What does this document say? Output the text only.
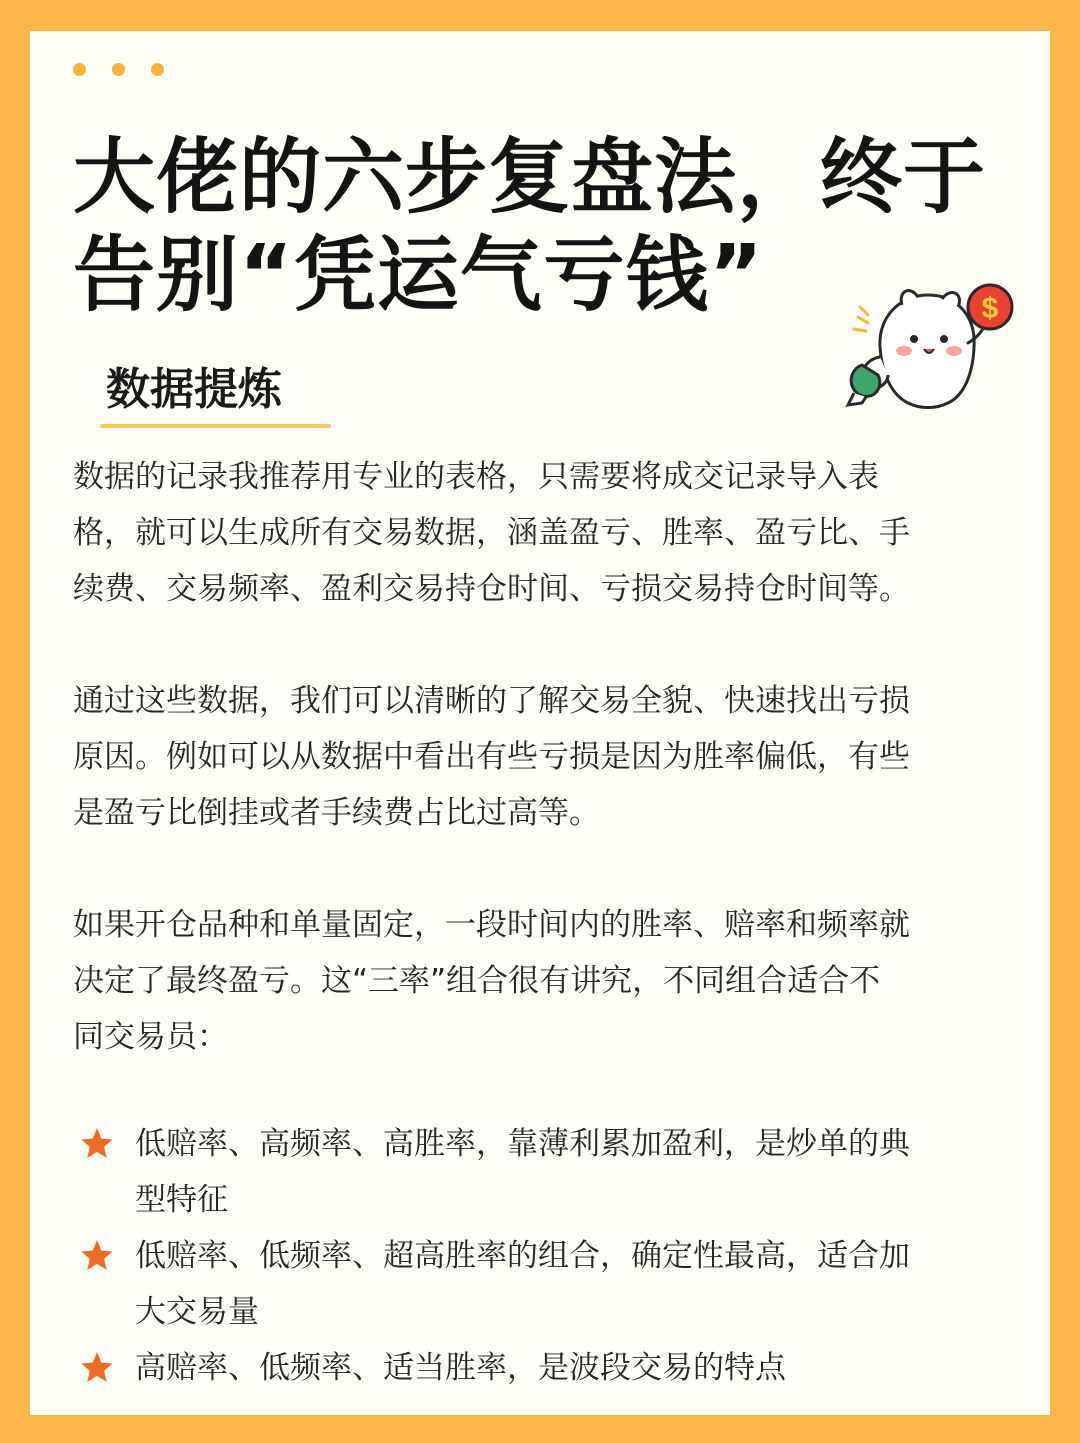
大佬的六步复盘法，终于
告别“凭运气亏钱”	$
数据提炼
数据的记录我推荐用专业的表格，只需要将成交记录导入表
格，就可以生成所有交易数据，涵盖盈亏、胜率、盈亏比、手
续费、交易频率、盈利交易持仓时间、亏损交易持仓时间等。
通过这些数据，我们可以清晰的了解交易全貌、快速找出亏损
原因。例如可以从数据中看出有些亏损是因为胜率偏低，有些
是盈亏比倒挂或者手续费占比过高等。
如果开仓品种和单量固定，一段时间内的胜率、赔率和频率就
决定了最终盈亏。这“三率”组合很有讲究，不同组合适合不
同交易员：
低赔率、高频率、高胜率，靠薄利累加盈利，是炒单的典
型特征
低赔率、低频率、超高胜率的组合，确定性最高，适合加
大交易量
高赔率、低频率、适当胜率，是波段交易的特点
